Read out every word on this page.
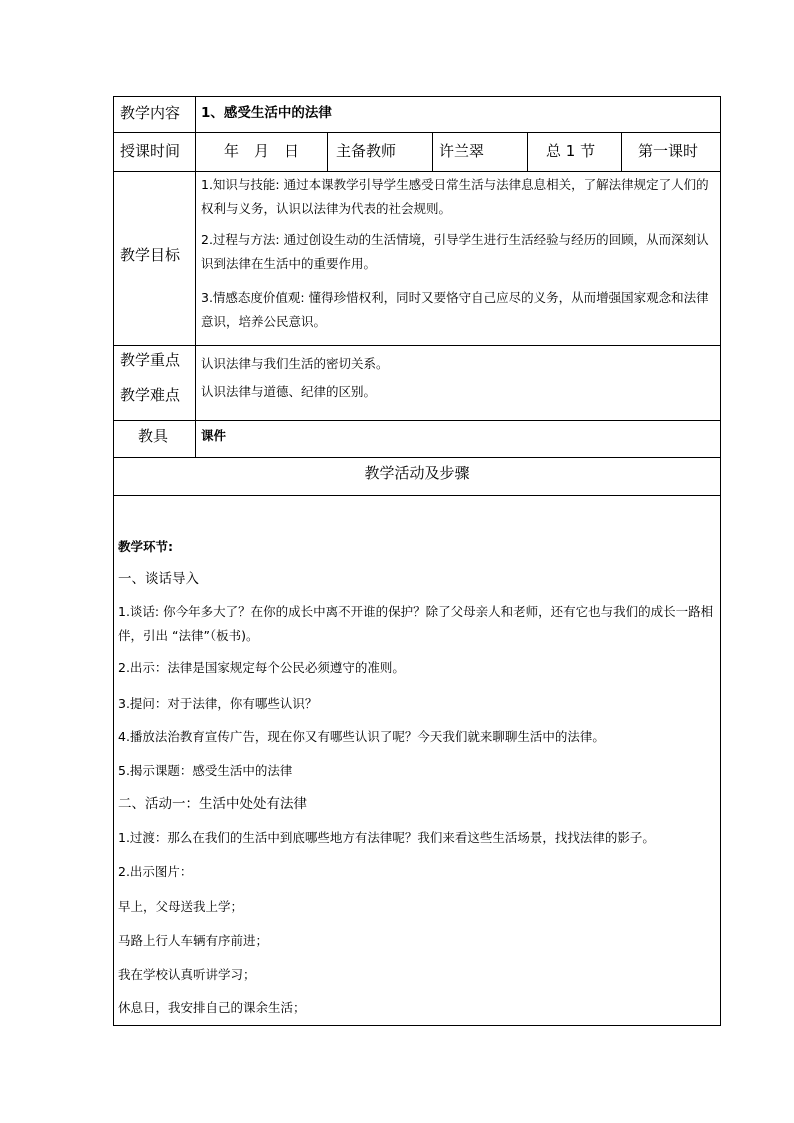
教学内容 1、感受生活中的法律
授课时间	年　月　日 主备教师	许兰翠	总 1 节	第一课时
教学目标
1.知识与技能: 通过本课教学引导学生感受日常生活与法律息息相关，了解法律规定了人们的权利与义务，认识以法律为代表的社会规则。
2.过程与方法: 通过创设生动的生活情境，引导学生进行生活经验与经历的回顾，从而深刻认识到法律在生活中的重要作用。
3.情感态度价值观: 懂得珍惜权利，同时又要恪守自己应尽的义务，从而增强国家观念和法律意识，培养公民意识。
教学重点 认识法律与我们生活的密切关系。
教学难点 认识法律与道德、纪律的区别。
教具	课件
教学活动及步骤
教学环节:
一、谈话导入
1.谈话: 你今年多大了？在你的成长中离不开谁的保护？除了父母亲人和老师，还有它也与我们的成长一路相伴，引出 “法律”（板书)。
2.出示：法律是国家规定每个公民必须遵守的准则。
3.提问：对于法律，你有哪些认识？
4.播放法治教育宣传广告，现在你又有哪些认识了呢？今天我们就来聊聊生活中的法律。
5.揭示课题：感受生活中的法律
二、活动一：生活中处处有法律
1.过渡：那么在我们的生活中到底哪些地方有法律呢？我们来看这些生活场景，找找法律的影子。
2.出示图片：
早上，父母送我上学；
马路上行人车辆有序前进；
我在学校认真听讲学习；
休息日，我安排自己的课余生活；
